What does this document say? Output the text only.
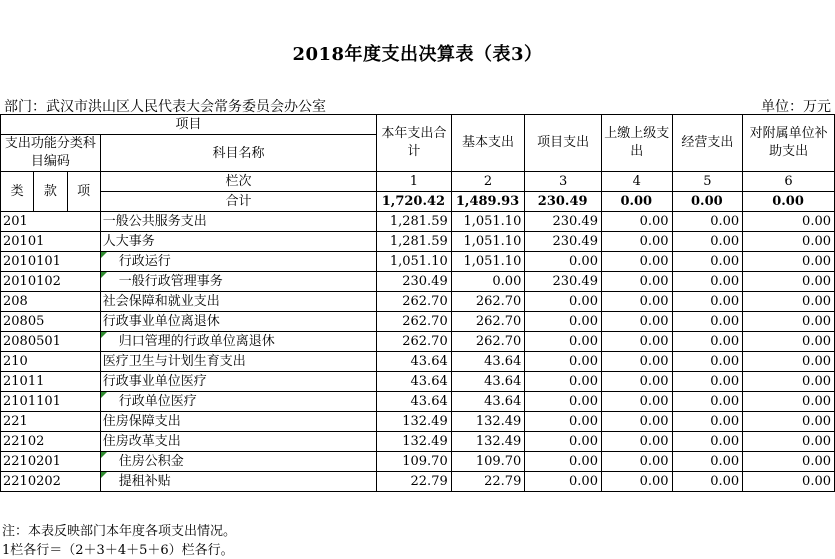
2018年度支出决算表（表3）
部门：武汉市洪山区人民代表大会常务委员会办公室	单位：万元
项目				本年支出合计	基本支出	项目支出	上缴上级支出	经营支出	对附属单位补助支出
支出功能分类科目编码			科目名称						

类	款	项	栏次	1	2	3	4	5	6
			合计	1,720.42	1,489.93	230.49	0.00	0.00	0.00
201			一般公共服务支出	1,281.59	1,051.10	230.49	0.00	0.00	0.00
20101			人大事务	1,281.59	1,051.10	230.49	0.00	0.00	0.00
2010101			行政运行	1,051.10	1,051.10	0.00	0.00	0.00	0.00
2010102			一般行政管理事务	230.49	0.00	230.49	0.00	0.00	0.00
208			社会保障和就业支出	262.70	262.70	0.00	0.00	0.00	0.00
20805			行政事业单位离退休	262.70	262.70	0.00	0.00	0.00	0.00
2080501			归口管理的行政单位离退休	262.70	262.70	0.00	0.00	0.00	0.00
210			医疗卫生与计划生育支出	43.64	43.64	0.00	0.00	0.00	0.00
21011			行政事业单位医疗	43.64	43.64	0.00	0.00	0.00	0.00
2101101			行政单位医疗	43.64	43.64	0.00	0.00	0.00	0.00
221			住房保障支出	132.49	132.49	0.00	0.00	0.00	0.00
22102			住房改革支出	132.49	132.49	0.00	0.00	0.00	0.00
2210201			住房公积金	109.70	109.70	0.00	0.00	0.00	0.00
2210202			提租补贴	22.79	22.79	0.00	0.00	0.00	0.00
注：本表反映部门本年度各项支出情况。
1栏各行＝（2＋3＋4＋5＋6）栏各行。
